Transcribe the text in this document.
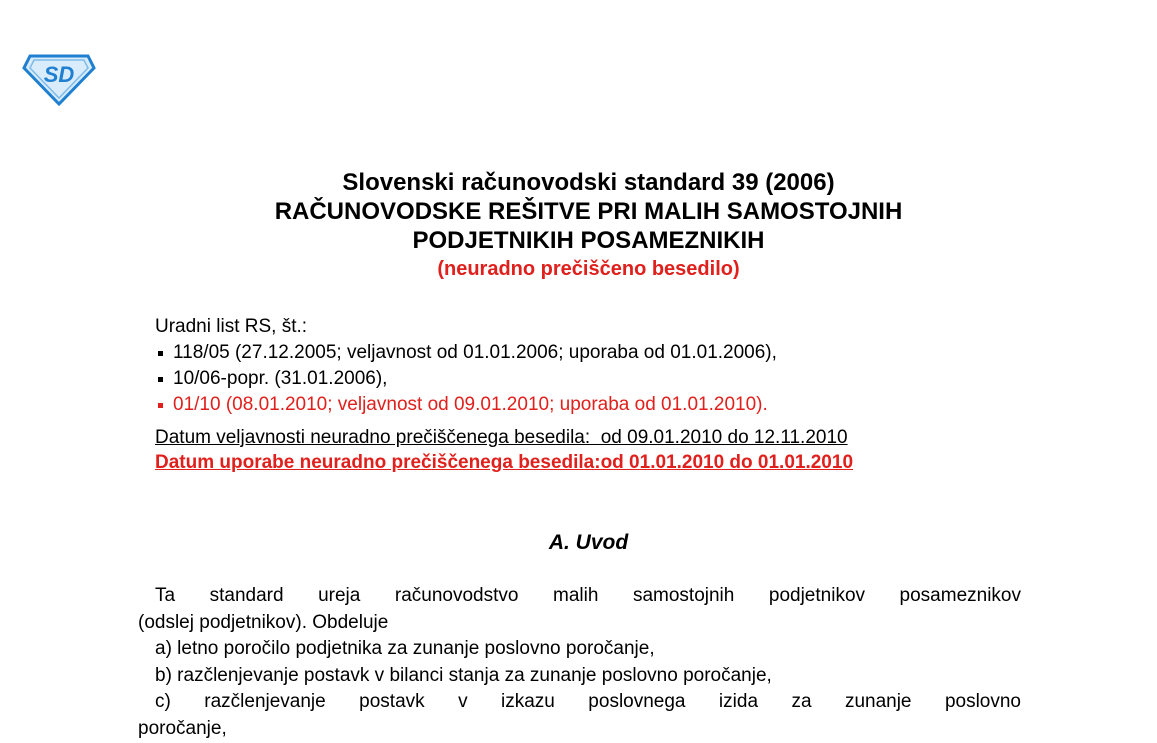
SD

Slovenski računovodski standard 39 (2006)

RAČUNOVODSKE REŠITVE PRI MALIH SAMOSTOJNIH

PODJETNIKIH POSAMEZNIKIH

(neuradno prečiščeno besedilo)

Uradni list RS, št.:

118/05 (27.12.2005; veljavnost od 01.01.2006; uporaba od 01.01.2006),
10/06-popr. (31.01.2006),
01/10 (08.01.2010; veljavnost od 09.01.2010; uporaba od 01.01.2010).
Datum veljavnosti neuradno prečiščenega besedila:  od 09.01.2010 do 12.11.2010
Datum uporabe neuradno prečiščenega besedila:od 01.01.2010 do 01.01.2010
A. Uvod

Ta standard ureja računovodstvo malih samostojnih podjetnikov posameznikov

(odslej podjetnikov). Obdeluje

a) letno poročilo podjetnika za zunanje poslovno poročanje,

b) razčlenjevanje postavk v bilanci stanja za zunanje poslovno poročanje,

c) razčlenjevanje postavk v izkazu poslovnega izida za zunanje poslovno

poročanje,
